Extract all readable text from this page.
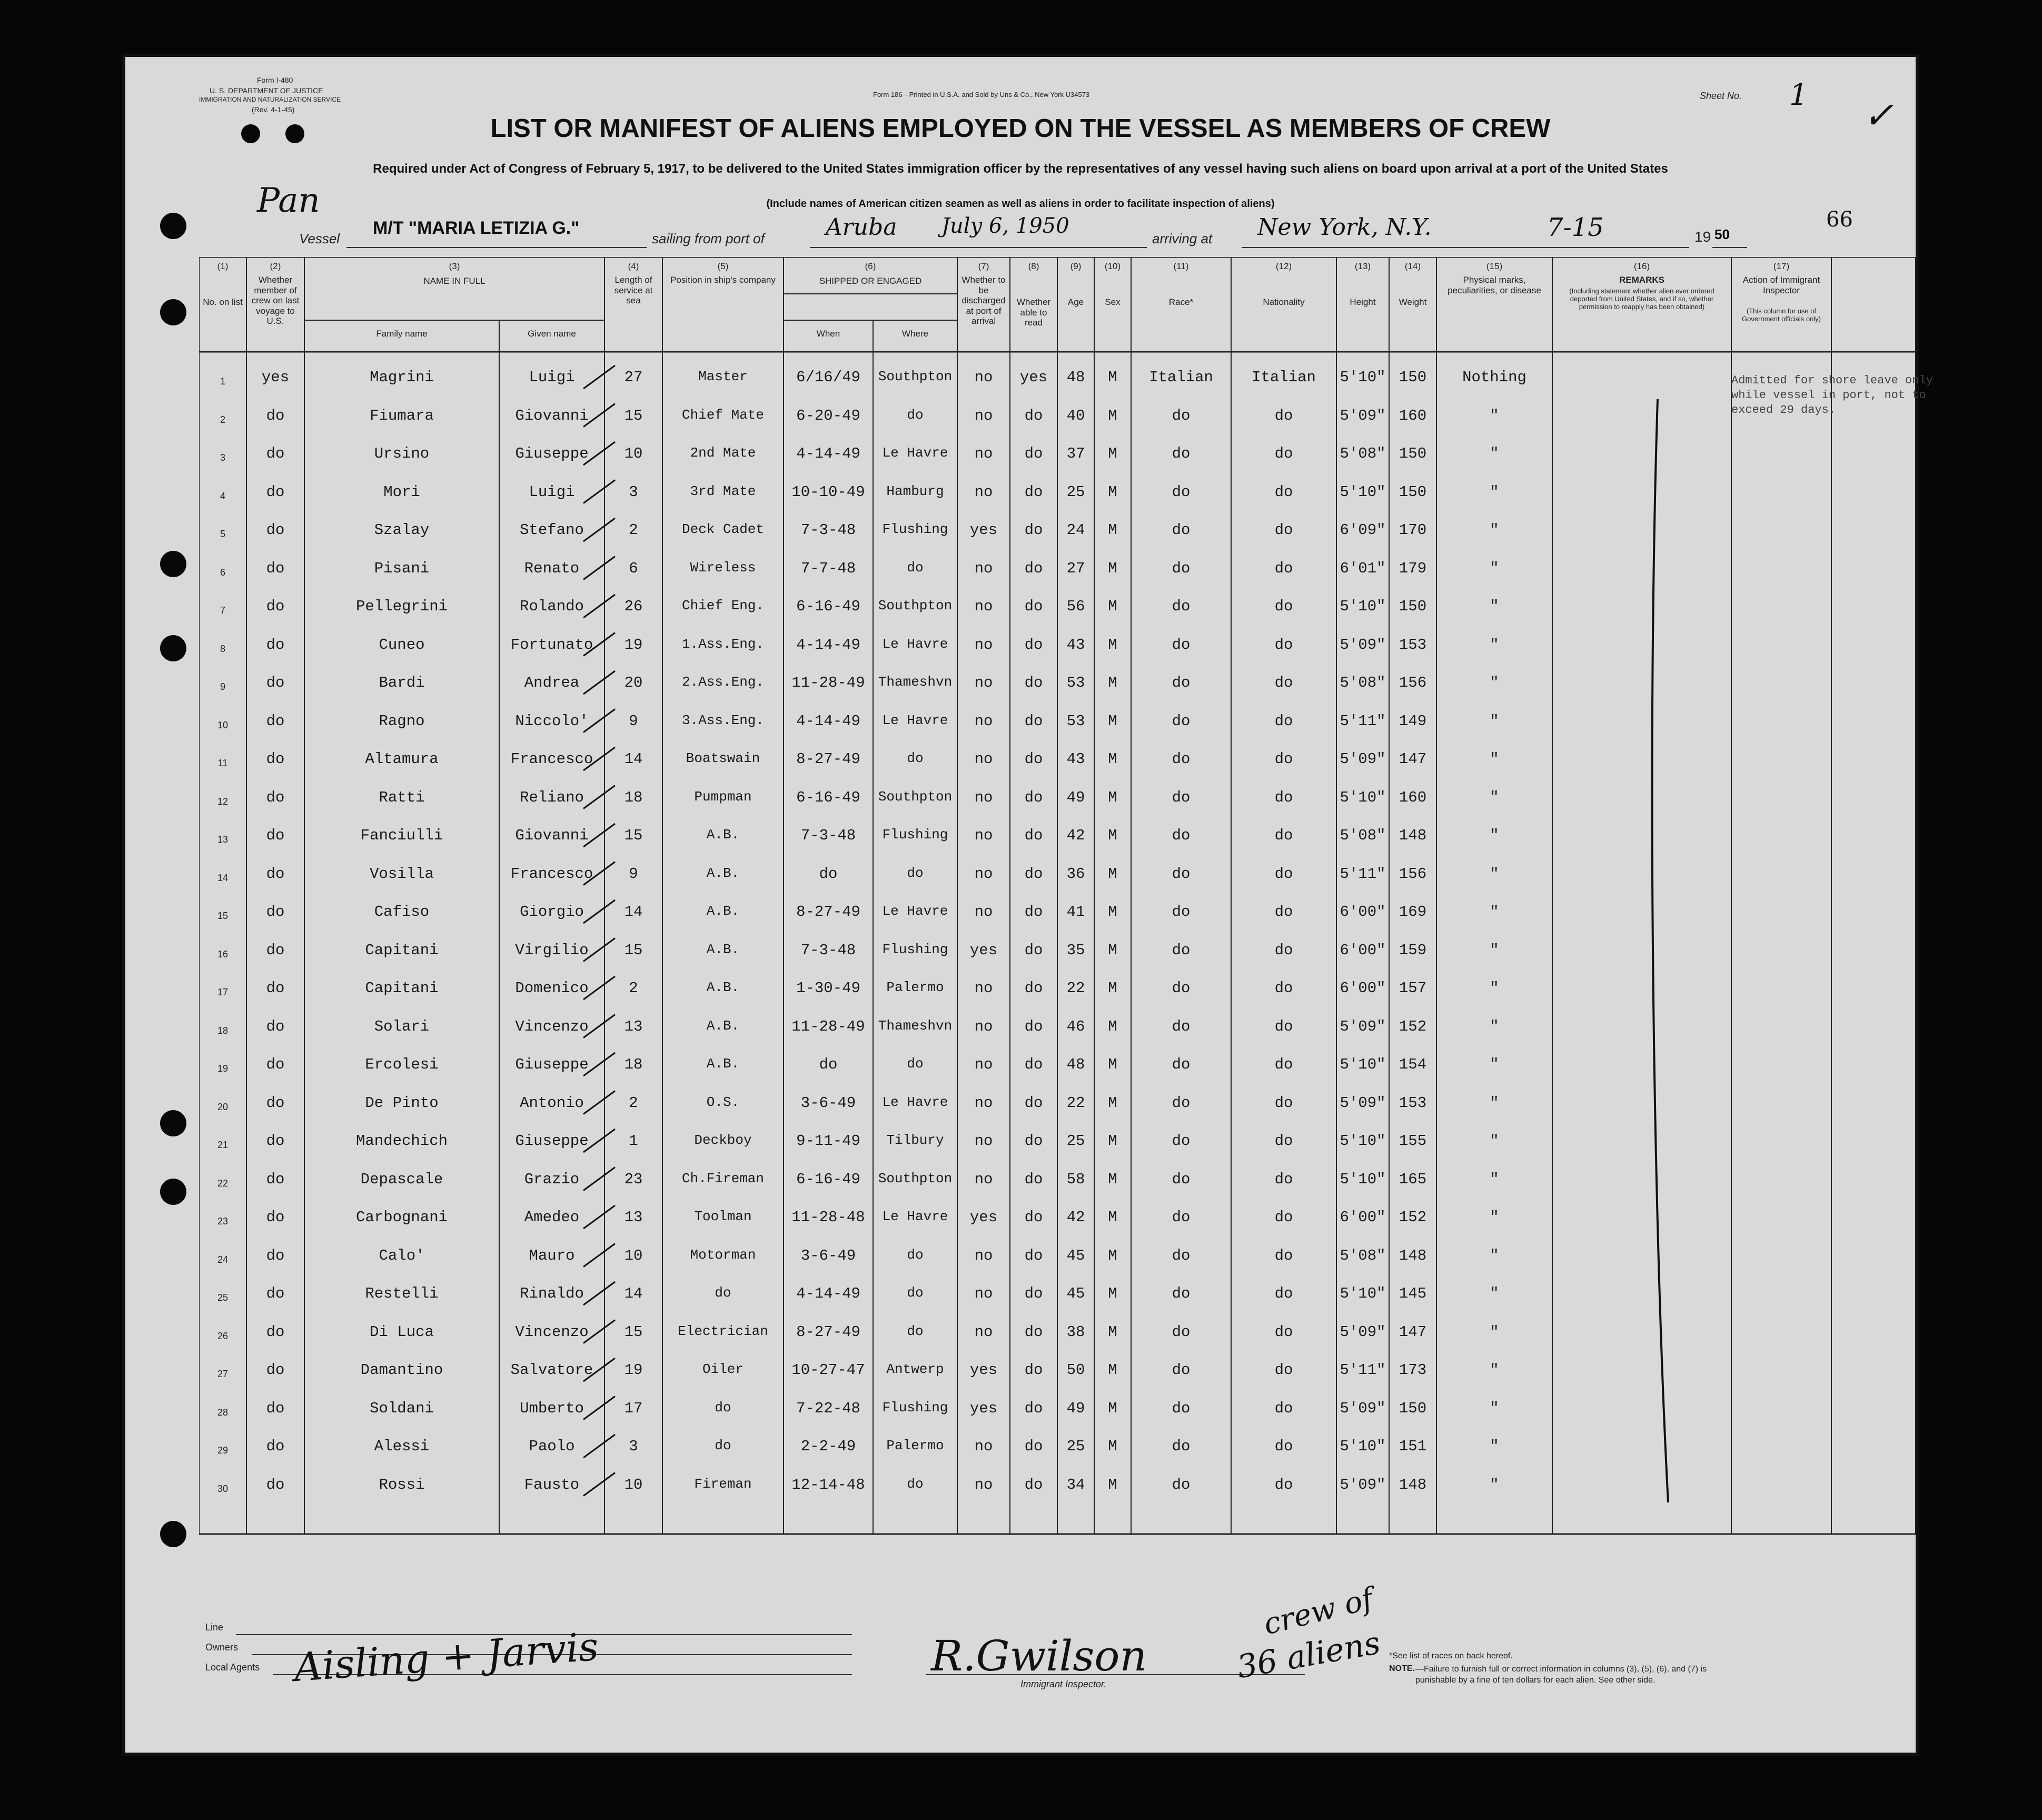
Form I-480
U. S. DEPARTMENT OF JUSTICE
IMMIGRATION AND NATURALIZATION SERVICE
(Rev. 4-1-45)
Form 186—Printed in U.S.A. and Sold by Uns & Co., New York U34573	Sheet No. 1 ✓
LIST OR MANIFEST OF ALIENS EMPLOYED ON THE VESSEL AS MEMBERS OF CREW
Required under Act of Congress of February 5, 1917, to be delivered to the United States immigration officer by the representatives of any vessel having such aliens on board upon arrival at a port of the United States
(Include names of American citizen seamen as well as aliens in order to facilitate inspection of aliens)
66
Pan
Vessel
M/T "MARIA LETIZIA G."
sailing from port of	Aruba July 6, 1950
arriving at New York, N.Y.	7-15	19 50
(1)
No. on list
(2)
Whether member of crew on last voyage to U.S.
(3)
NAME IN FULL
(4)
Length of service at sea
(5)
Position in ship's company
(6)
SHIPPED OR ENGAGED
(7)
Whether to be discharged at port of arrival
(8)
Whether able to read
(9)
Age
(10)
Sex
(11)
Race*
(12)
Nationality
(13)
Height
(14)
Weight
(15)
Physical marks, peculiarities, or disease
(16)
REMARKS
(17)
Action of Immigrant Inspector
Family name	Given name	When	Where
(Including statement whether alien ever ordered deported from United States, and if so, whether permission to reapply has been obtained)
(This column for use of Government officials only)
1	yes	Magrini	Luigi	27	Master	6/16/49	Southpton	no	yes	48	M	Italian	Italian	5'10" 150	Nothing
2	do	Fiumara	Giovanni	15	Chief Mate	6-20-49	do	no	do	40	M	do	do	5'09" 160	"
3	do	Ursino	Giuseppe	10	2nd Mate	4-14-49	Le Havre	no	do	37	M	do	do	5'08" 150	"
4	do	Mori	Luigi	3	3rd Mate	10-10-49	Hamburg	no	do	25	M	do	do	5'10" 150	"
5	do	Szalay	Stefano	2	Deck Cadet	7-3-48	Flushing	yes	do	24	M	do	do	6'09" 170	"
6	do	Pisani	Renato	6	Wireless	7-7-48	do	no	do	27	M	do	do	6'01" 179	"
7	do	Pellegrini	Rolando	26	Chief Eng.	6-16-49	Southpton	no	do	56	M	do	do	5'10" 150	"
8	do	Cuneo	Fortunato	19	1.Ass.Eng.	4-14-49	Le Havre	no	do	43	M	do	do	5'09" 153	"
9	do	Bardi	Andrea	20	2.Ass.Eng.	11-28-49 Thameshvn	no	do	53	M	do	do	5'08" 156	"
10	do	Ragno	Niccolo'	9	3.Ass.Eng.	4-14-49	Le Havre	no	do	53	M	do	do	5'11" 149	"
11	do	Altamura	Francesco	14	Boatswain	8-27-49	do	no	do	43	M	do	do	5'09" 147	"
12	do	Ratti	Reliano	18	Pumpman	6-16-49	Southpton	no	do	49	M	do	do	5'10" 160	"
13	do	Fanciulli	Giovanni	15	A.B.	7-3-48	Flushing	no	do	42	M	do	do	5'08" 148	"
14	do	Vosilla	Francesco	9	A.B.	do	do	no	do	36	M	do	do	5'11" 156	"
15	do	Cafiso	Giorgio	14	A.B.	8-27-49	Le Havre	no	do	41	M	do	do	6'00" 169	"
16	do	Capitani	Virgilio	15	A.B.	7-3-48	Flushing	yes	do	35	M	do	do	6'00" 159	"
17	do	Capitani	Domenico	2	A.B.	1-30-49	Palermo	no	do	22	M	do	do	6'00" 157	"
18	do	Solari	Vincenzo	13	A.B.	11-28-49 Thameshvn	no	do	46	M	do	do	5'09" 152	"
19	do	Ercolesi	Giuseppe	18	A.B.	do	do	no	do	48	M	do	do	5'10" 154	"
20	do	De Pinto	Antonio	2	O.S.	3-6-49	Le Havre	no	do	22	M	do	do	5'09" 153	"
21	do	Mandechich	Giuseppe	1	Deckboy	9-11-49	Tilbury	no	do	25	M	do	do	5'10" 155	"
22	do	Depascale	Grazio	23	Ch.Fireman	6-16-49	Southpton	no	do	58	M	do	do	5'10" 165	"
23	do	Carbognani	Amedeo	13	Toolman	11-28-48	Le Havre	yes	do	42	M	do	do	6'00" 152	"
24	do	Calo'	Mauro	10	Motorman	3-6-49	do	no	do	45	M	do	do	5'08" 148	"
25	do	Restelli	Rinaldo	14	do	4-14-49	do	no	do	45	M	do	do	5'10" 145	"
26	do	Di Luca	Vincenzo	15	Electrician	8-27-49	do	no	do	38	M	do	do	5'09" 147	"
27	do	Damantino	Salvatore	19	Oiler	10-27-47	Antwerp	yes	do	50	M	do	do	5'11" 173	"
28	do	Soldani	Umberto	17	do	7-22-48	Flushing	yes	do	49	M	do	do	5'09" 150	"
29	do	Alessi	Paolo	3	do	2-2-49	Palermo	no	do	25	M	do	do	5'10" 151	"
30	do	Rossi	Fausto	10	Fireman	12-14-48	do	no	do	34	M	do	do	5'09" 148	"
Admitted for shore leave only
while vessel in port, not to
exceed 29 days.
Line
Owners
Local Agents Aisling + Jarvis	R.Gwilson
Immigrant Inspector.
crew of
36 aliens *See list of races on back hereof.
NOTE. —Failure to furnish full or correct information in columns (3), (5), (6), and (7) is punishable by a fine of ten dollars for each alien. See other side.
